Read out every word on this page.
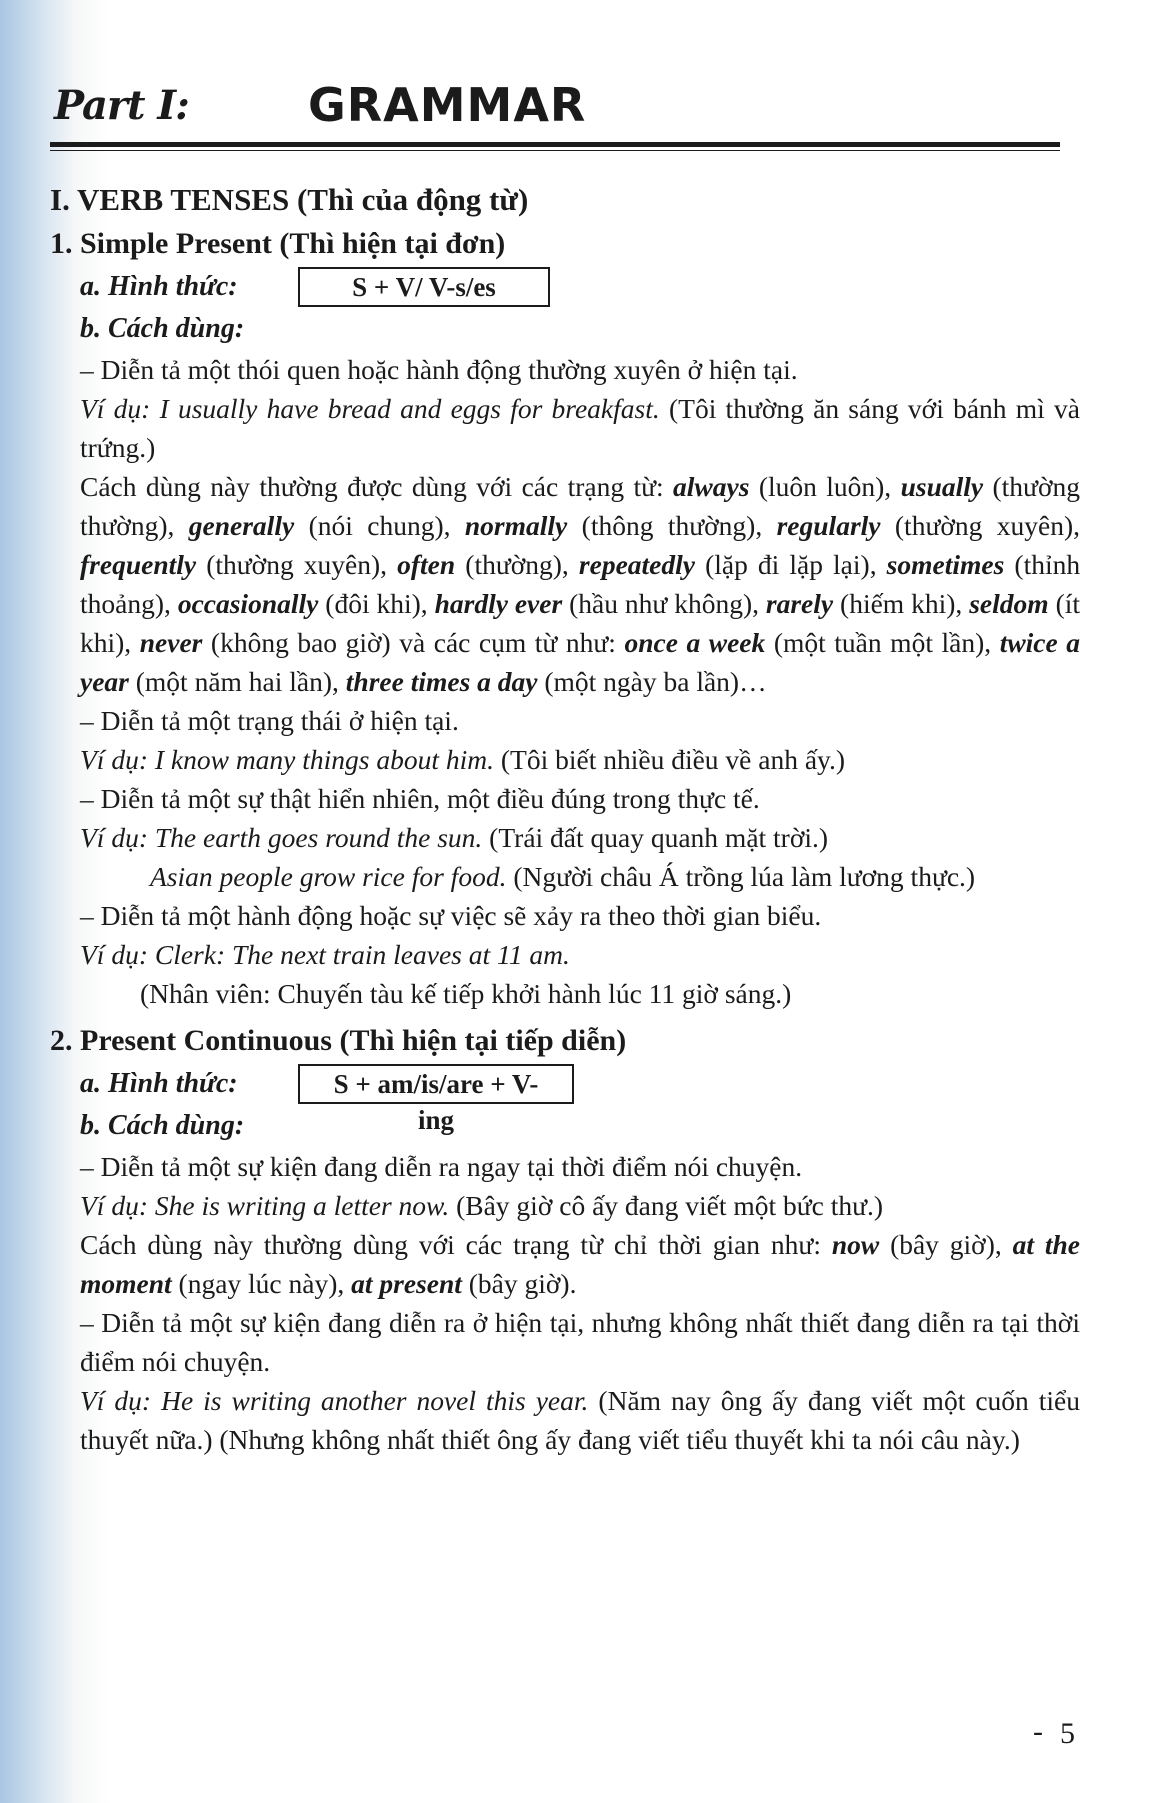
Part I:	GRAMMAR

I. VERB TENSES (Thì của động từ)

1. Simple Present (Thì hiện tại đơn)

a. Hình thức:	S + V/ V-s/es
b. Cách dùng:

– Diễn tả một thói quen hoặc hành động thường xuyên ở hiện tại.

Ví dụ: I usually have bread and eggs for breakfast. (Tôi thường ăn sáng với bánh mì và trứng.)

Cách dùng này thường được dùng với các trạng từ: always (luôn luôn), usually (thường thường), generally (nói chung), normally (thông thường), regularly (thường xuyên), frequently (thường xuyên), often (thường), repeatedly (lặp đi lặp lại), sometimes (thỉnh thoảng), occasionally (đôi khi), hardly ever (hầu như không), rarely (hiếm khi), seldom (ít khi), never (không bao giờ) và các cụm từ như: once a week (một tuần một lần), twice a year (một năm hai lần), three times a day (một ngày ba lần)…

– Diễn tả một trạng thái ở hiện tại.

Ví dụ: I know many things about him. (Tôi biết nhiều điều về anh ấy.)

– Diễn tả một sự thật hiển nhiên, một điều đúng trong thực tế.

Ví dụ: The earth goes round the sun. (Trái đất quay quanh mặt trời.)

Asian people grow rice for food. (Người châu Á trồng lúa làm lương thực.)

– Diễn tả một hành động hoặc sự việc sẽ xảy ra theo thời gian biểu.

Ví dụ: Clerk: The next train leaves at 11 am.

(Nhân viên: Chuyến tàu kế tiếp khởi hành lúc 11 giờ sáng.)

2. Present Continuous (Thì hiện tại tiếp diễn)

a. Hình thức:	S + am/is/are + V-ing
b. Cách dùng:

– Diễn tả một sự kiện đang diễn ra ngay tại thời điểm nói chuyện.

Ví dụ: She is writing a letter now. (Bây giờ cô ấy đang viết một bức thư.)

Cách dùng này thường dùng với các trạng từ chỉ thời gian như: now (bây giờ), at the moment (ngay lúc này), at present (bây giờ).

– Diễn tả một sự kiện đang diễn ra ở hiện tại, nhưng không nhất thiết đang diễn ra tại thời điểm nói chuyện.

Ví dụ: He is writing another novel this year. (Năm nay ông ấy đang viết một cuốn tiểu thuyết nữa.) (Nhưng không nhất thiết ông ấy đang viết tiểu thuyết khi ta nói câu này.)

- 5
